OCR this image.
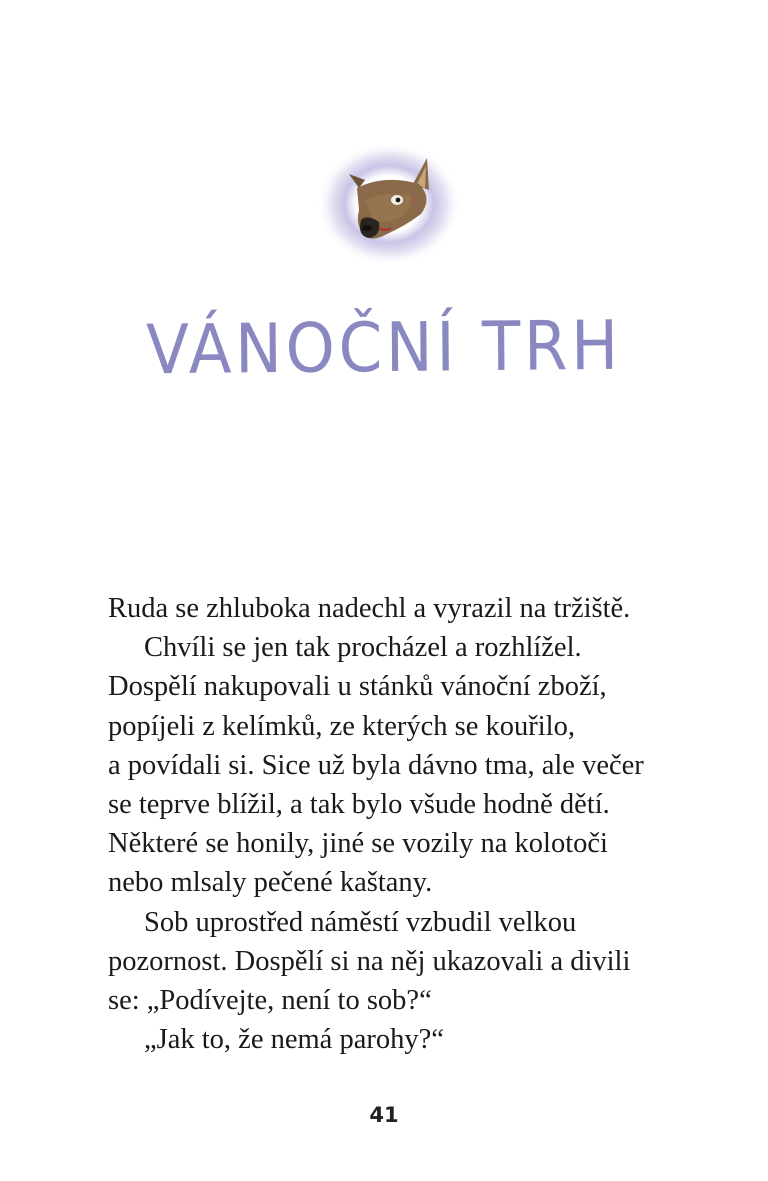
VÁNOČNÍ TRH

Ruda se zhluboka nadechl a vyrazil na tržiště.

Chvíli se jen tak procházel a rozhlížel.

Dospělí nakupovali u stánků vánoční zboží,

popíjeli z kelímků, ze kterých se kouřilo,

a povídali si. Sice už byla dávno tma, ale večer

se teprve blížil, a tak bylo všude hodně dětí.

Některé se honily, jiné se vozily na kolotoči

nebo mlsaly pečené kaštany.

Sob uprostřed náměstí vzbudil velkou

pozornost. Dospělí si na něj ukazovali a divili

se: „Podívejte, není to sob?“

„Jak to, že nemá parohy?“

41
